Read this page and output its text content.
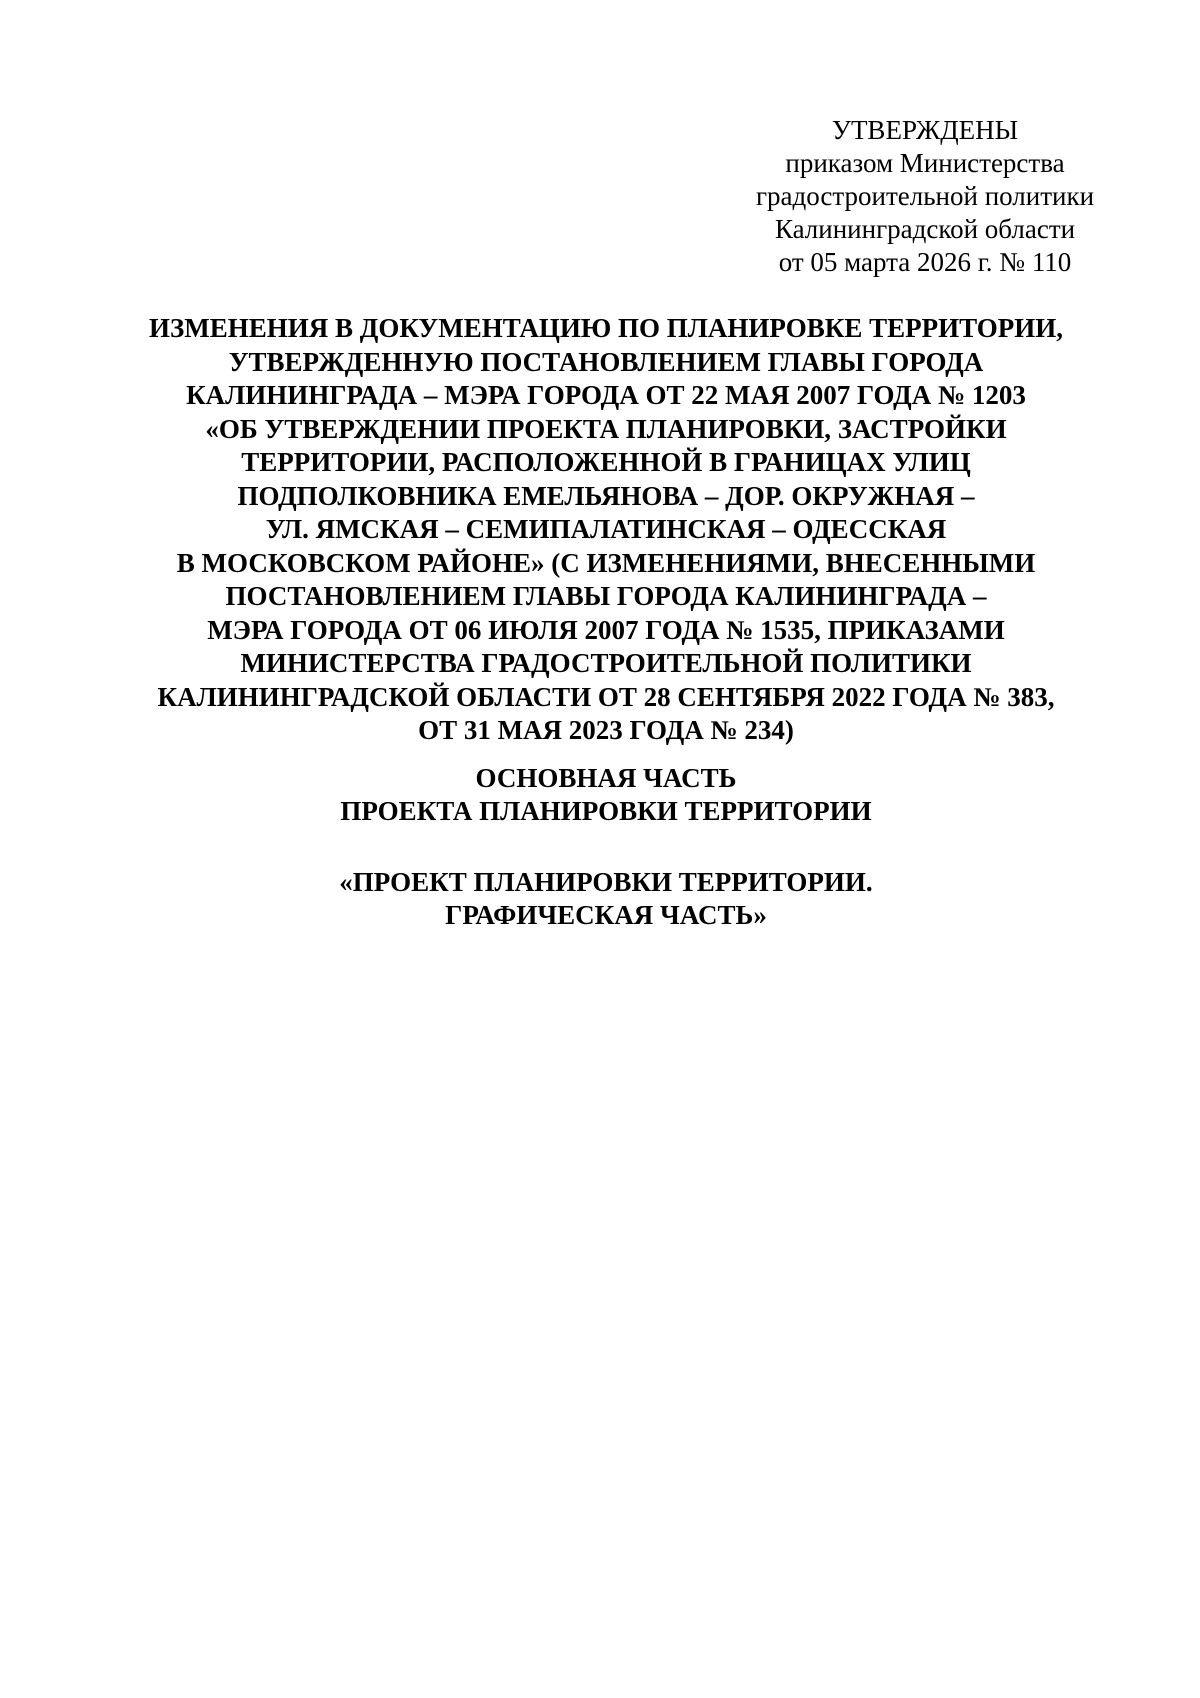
УТВЕРЖДЕНЫ
приказом Министерства
градостроительной политики
Калининградской области
от 05 марта 2026 г. № 110
ИЗМЕНЕНИЯ В ДОКУМЕНТАЦИЮ ПО ПЛАНИРОВКЕ ТЕРРИТОРИИ,
УТВЕРЖДЕННУЮ ПОСТАНОВЛЕНИЕМ ГЛАВЫ ГОРОДА
КАЛИНИНГРАДА – МЭРА ГОРОДА ОТ 22 МАЯ 2007 ГОДА № 1203
«ОБ УТВЕРЖДЕНИИ ПРОЕКТА ПЛАНИРОВКИ, ЗАСТРОЙКИ
ТЕРРИТОРИИ, РАСПОЛОЖЕННОЙ В ГРАНИЦАХ УЛИЦ
ПОДПОЛКОВНИКА ЕМЕЛЬЯНОВА – ДОР. ОКРУЖНАЯ –
УЛ. ЯМСКАЯ – СЕМИПАЛАТИНСКАЯ – ОДЕССКАЯ
В МОСКОВСКОМ РАЙОНЕ» (С ИЗМЕНЕНИЯМИ, ВНЕСЕННЫМИ
ПОСТАНОВЛЕНИЕМ ГЛАВЫ ГОРОДА КАЛИНИНГРАДА –
МЭРА ГОРОДА ОТ 06 ИЮЛЯ 2007 ГОДА № 1535, ПРИКАЗАМИ
МИНИСТЕРСТВА ГРАДОСТРОИТЕЛЬНОЙ ПОЛИТИКИ
КАЛИНИНГРАДСКОЙ ОБЛАСТИ ОТ 28 СЕНТЯБРЯ 2022 ГОДА № 383,
ОТ 31 МАЯ 2023 ГОДА № 234)
ОСНОВНАЯ ЧАСТЬ
ПРОЕКТА ПЛАНИРОВКИ ТЕРРИТОРИИ
«ПРОЕКТ ПЛАНИРОВКИ ТЕРРИТОРИИ.
ГРАФИЧЕСКАЯ ЧАСТЬ»
